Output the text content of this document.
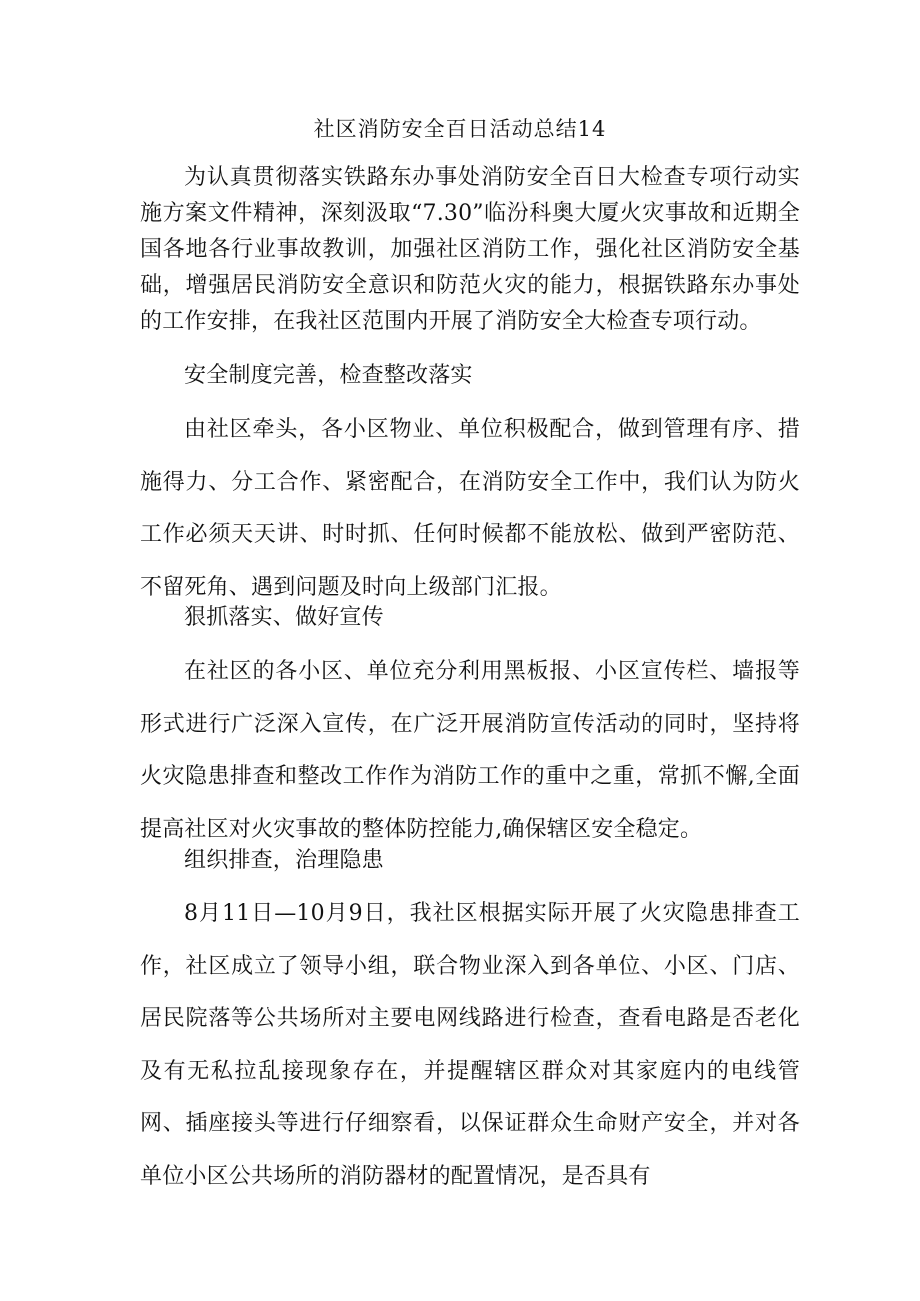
社区消防安全百日活动总结14

为认真贯彻落实铁路东办事处消防安全百日大检查专项行动实施方案文件精神，深刻汲取“7.30”临汾科奥大厦火灾事故和近期全国各地各行业事故教训，加强社区消防工作，强化社区消防安全基础，增强居民消防安全意识和防范火灾的能力，根据铁路东办事处的工作安排，在我社区范围内开展了消防安全大检查专项行动。

安全制度完善，检查整改落实

由社区牵头，各小区物业、单位积极配合，做到管理有序、措施得力、分工合作、紧密配合，在消防安全工作中，我们认为防火工作必须天天讲、时时抓、任何时候都不能放松、做到严密防范、不留死角、遇到问题及时向上级部门汇报。

狠抓落实、做好宣传

在社区的各小区、单位充分利用黑板报、小区宣传栏、墙报等形式进行广泛深入宣传，在广泛开展消防宣传活动的同时，坚持将火灾隐患排查和整改工作作为消防工作的重中之重，常抓不懈,全面提高社区对火灾事故的整体防控能力,确保辖区安全稳定。

组织排查，治理隐患

8月11日—10月9日，我社区根据实际开展了火灾隐患排查工作，社区成立了领导小组，联合物业深入到各单位、小区、门店、居民院落等公共场所对主要电网线路进行检查，查看电路是否老化及有无私拉乱接现象存在，并提醒辖区群众对其家庭内的电线管网、插座接头等进行仔细察看，以保证群众生命财产安全，并对各单位小区公共场所的消防器材的配置情况，是否具有
